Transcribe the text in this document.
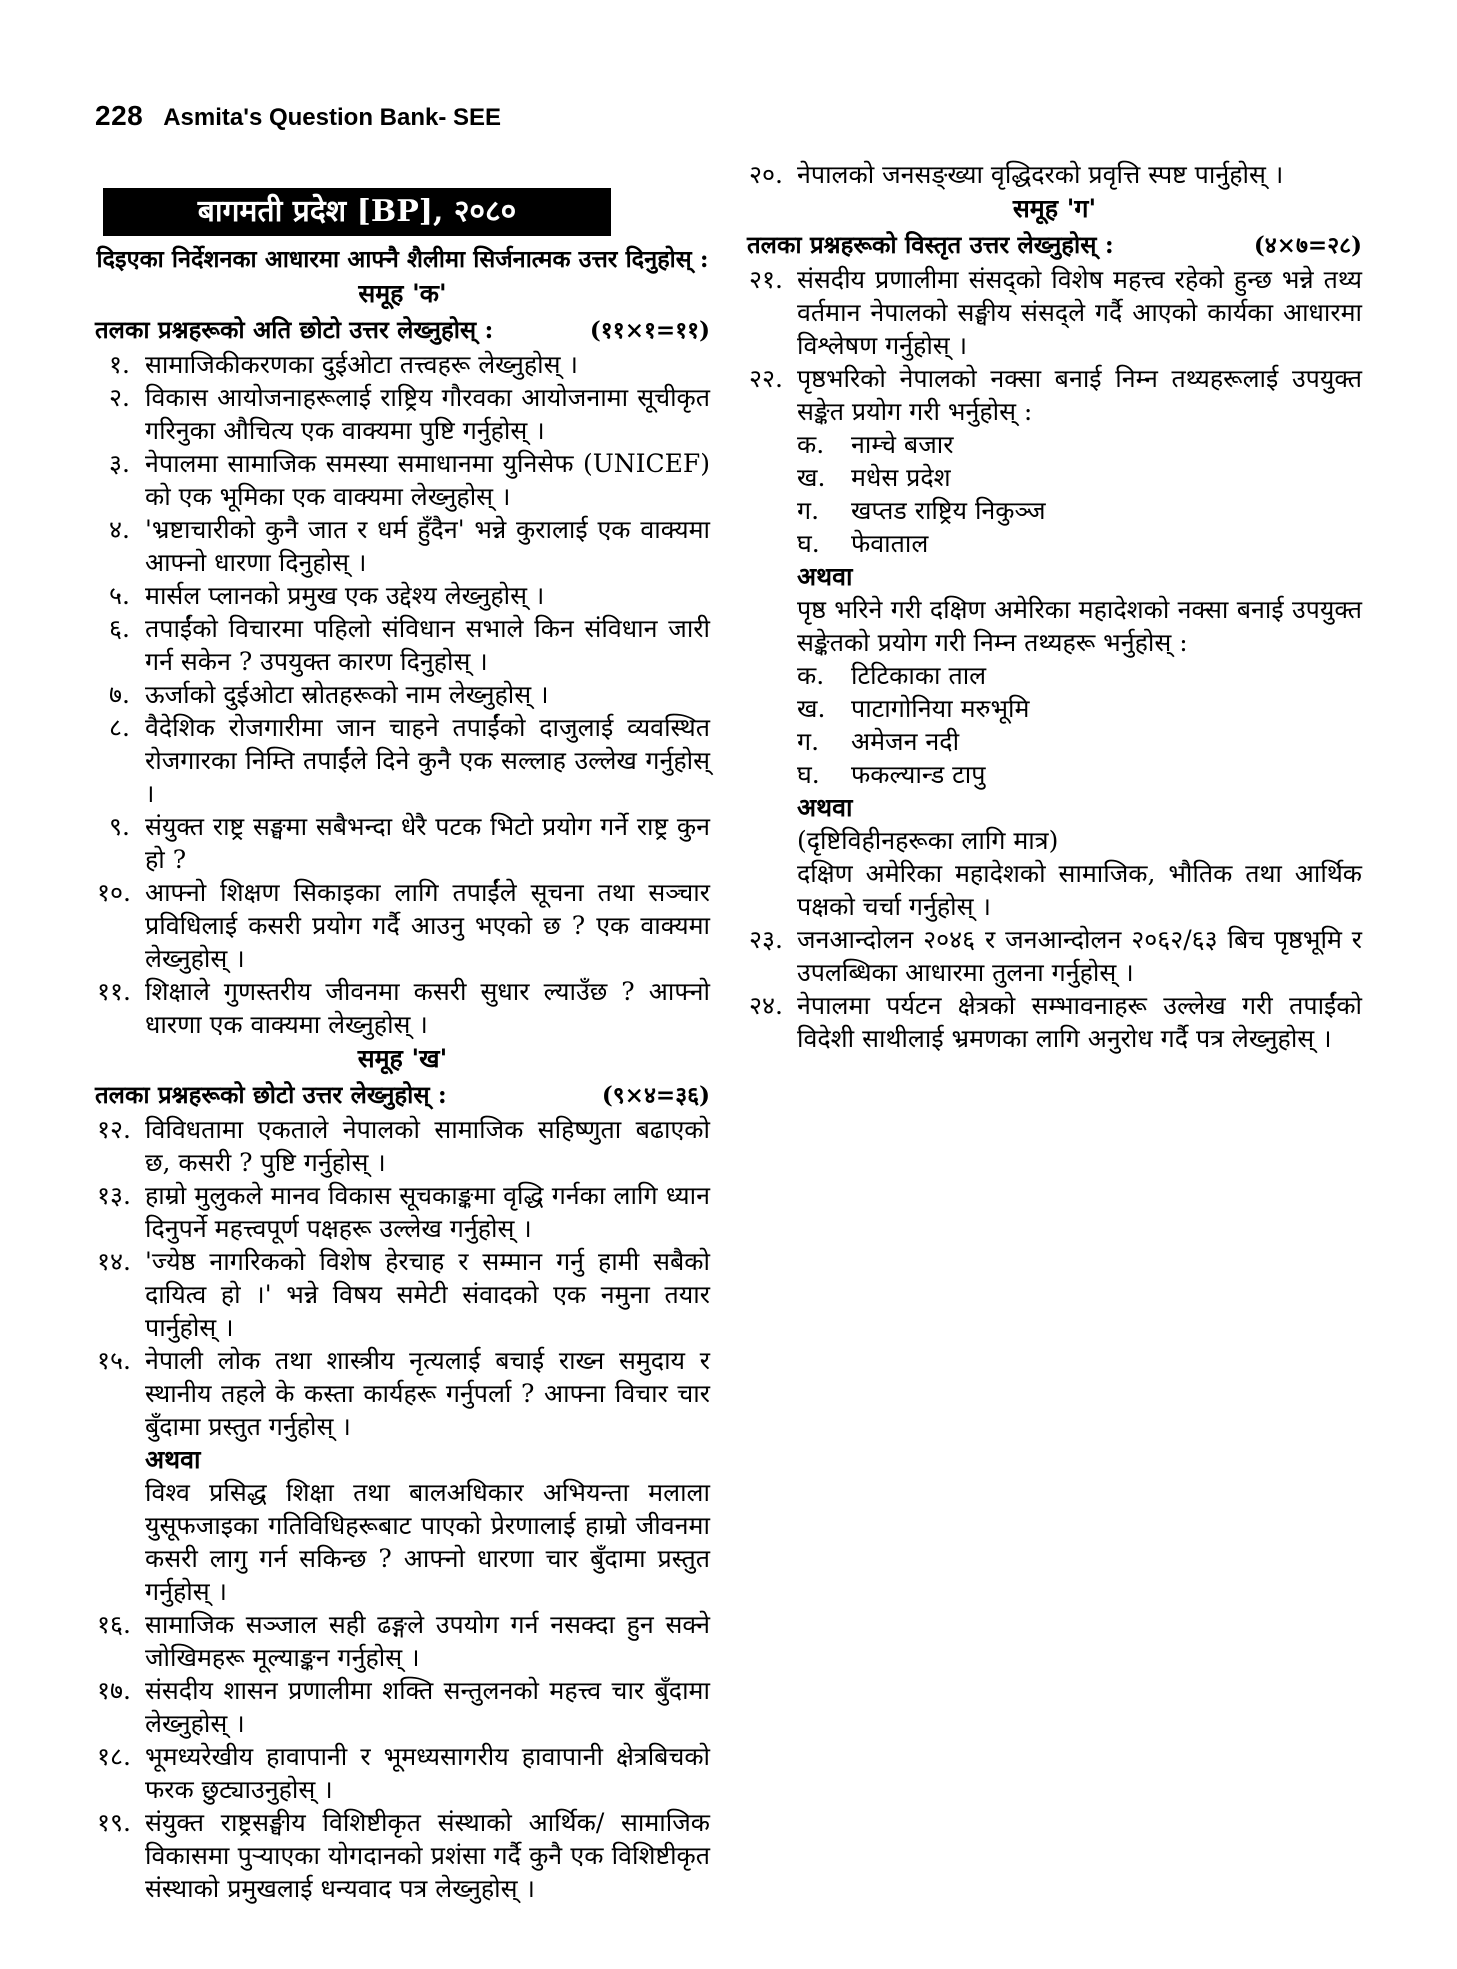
228 Asmita's Question Bank- SEE
बागमती प्रदेश [BP], २०८०
दिइएका निर्देशनका आधारमा आफ्नै शैलीमा सिर्जनात्मक उत्तर दिनुहोस् :
समूह 'क'
तलका प्रश्नहरूको अति छोटो उत्तर लेख्नुहोस् :	(११×१=११)
१. सामाजिकीकरणका दुईओटा तत्त्वहरू लेख्नुहोस् ।
२. विकास आयोजनाहरूलाई राष्ट्रिय गौरवका आयोजनामा सूचीकृत गरिनुका औचित्य एक वाक्यमा पुष्टि गर्नुहोस् ।
३. नेपालमा सामाजिक समस्या समाधानमा युनिसेफ (UNICEF) को एक भूमिका एक वाक्यमा लेख्नुहोस् ।
४. 'भ्रष्टाचारीको कुनै जात र धर्म हुँदैन' भन्ने कुरालाई एक वाक्यमा आफ्नो धारणा दिनुहोस् ।
५. मार्सल प्लानको प्रमुख एक उद्देश्य लेख्नुहोस् ।
६. तपाईंको विचारमा पहिलो संविधान सभाले किन संविधान जारी गर्न सकेन ? उपयुक्त कारण दिनुहोस् ।
७. ऊर्जाको दुईओटा स्रोतहरूको नाम लेख्नुहोस् ।
८. वैदेशिक रोजगारीमा जान चाहने तपाईंको दाजुलाई व्यवस्थित रोजगारका निम्ति तपाईंले दिने कुनै एक सल्लाह उल्लेख गर्नुहोस् ।
९. संयुक्त राष्ट्र सङ्घमा सबैभन्दा धेरै पटक भिटो प्रयोग गर्ने राष्ट्र कुन हो ?
१०. आफ्नो शिक्षण सिकाइका लागि तपाईंले सूचना तथा सञ्चार प्रविधिलाई कसरी प्रयोग गर्दै आउनु भएको छ ? एक वाक्यमा लेख्नुहोस् ।
११. शिक्षाले गुणस्तरीय जीवनमा कसरी सुधार ल्याउँछ ? आफ्नो धारणा एक वाक्यमा लेख्नुहोस् ।
समूह 'ख'
तलका प्रश्नहरूको छोटो उत्तर लेख्नुहोस् :	(९×४=३६)
१२. विविधतामा एकताले नेपालको सामाजिक सहिष्णुता बढाएको छ, कसरी ? पुष्टि गर्नुहोस् ।
१३. हाम्रो मुलुकले मानव विकास सूचकाङ्कमा वृद्धि गर्नका लागि ध्यान दिनुपर्ने महत्त्वपूर्ण पक्षहरू उल्लेख गर्नुहोस् ।
१४. 'ज्येष्ठ नागरिकको विशेष हेरचाह र सम्मान गर्नु हामी सबैको दायित्व हो ।' भन्ने विषय समेटी संवादको एक नमुना तयार पार्नुहोस् ।
१५. नेपाली लोक तथा शास्त्रीय नृत्यलाई बचाई राख्न समुदाय र स्थानीय तहले के कस्ता कार्यहरू गर्नुपर्ला ? आफ्ना विचार चार बुँदामा प्रस्तुत गर्नुहोस् ।
अथवा
विश्व प्रसिद्ध शिक्षा तथा बालअधिकार अभियन्ता मलाला युसूफजाइका गतिविधिहरूबाट पाएको प्रेरणालाई हाम्रो जीवनमा कसरी लागु गर्न सकिन्छ ? आफ्नो धारणा चार बुँदामा प्रस्तुत गर्नुहोस् ।
१६. सामाजिक सञ्जाल सही ढङ्गले उपयोग गर्न नसक्दा हुन सक्ने जोखिमहरू मूल्याङ्कन गर्नुहोस् ।
१७. संसदीय शासन प्रणालीमा शक्ति सन्तुलनको महत्त्व चार बुँदामा लेख्नुहोस् ।
१८. भूमध्यरेखीय हावापानी र भूमध्यसागरीय हावापानी क्षेत्रबिचको फरक छुट्याउनुहोस् ।
१९. संयुक्त राष्ट्रसङ्घीय विशिष्टीकृत संस्थाको आर्थिक/ सामाजिक विकासमा पुऱ्याएका योगदानको प्रशंसा गर्दै कुनै एक विशिष्टीकृत संस्थाको प्रमुखलाई धन्यवाद पत्र लेख्नुहोस् ।
२०. नेपालको जनसङ्ख्या वृद्धिदरको प्रवृत्ति स्पष्ट पार्नुहोस् ।
समूह 'ग'
तलका प्रश्नहरूको विस्तृत उत्तर लेख्नुहोस् :	(४×७=२८)
२१. संसदीय प्रणालीमा संसद्को विशेष महत्त्व रहेको हुन्छ भन्ने तथ्य वर्तमान नेपालको सङ्घीय संसद्ले गर्दै आएको कार्यका आधारमा विश्लेषण गर्नुहोस् ।
२२. पृष्ठभरिको नेपालको नक्सा बनाई निम्न तथ्यहरूलाई उपयुक्त सङ्केत प्रयोग गरी भर्नुहोस् :
क.	नाम्चे बजार
ख.	मधेस प्रदेश
ग.	खप्तड राष्ट्रिय निकुञ्ज
घ.	फेवाताल
अथवा
पृष्ठ भरिने गरी दक्षिण अमेरिका महादेशको नक्सा बनाई उपयुक्त सङ्केतको प्रयोग गरी निम्न तथ्यहरू भर्नुहोस् :
क.	टिटिकाका ताल
ख.	पाटागोनिया मरुभूमि
ग.	अमेजन नदी
घ.	फकल्यान्ड टापु
अथवा
(दृष्टिविहीनहरूका लागि मात्र)
दक्षिण अमेरिका महादेशको सामाजिक, भौतिक तथा आर्थिक पक्षको चर्चा गर्नुहोस् ।
२३. जनआन्दोलन २०४६ र जनआन्दोलन २०६२/६३ बिच पृष्ठभूमि र उपलब्धिका आधारमा तुलना गर्नुहोस् ।
२४. नेपालमा पर्यटन क्षेत्रको सम्भावनाहरू उल्लेख गरी तपाईंको विदेशी साथीलाई भ्रमणका लागि अनुरोध गर्दै पत्र लेख्नुहोस् ।
